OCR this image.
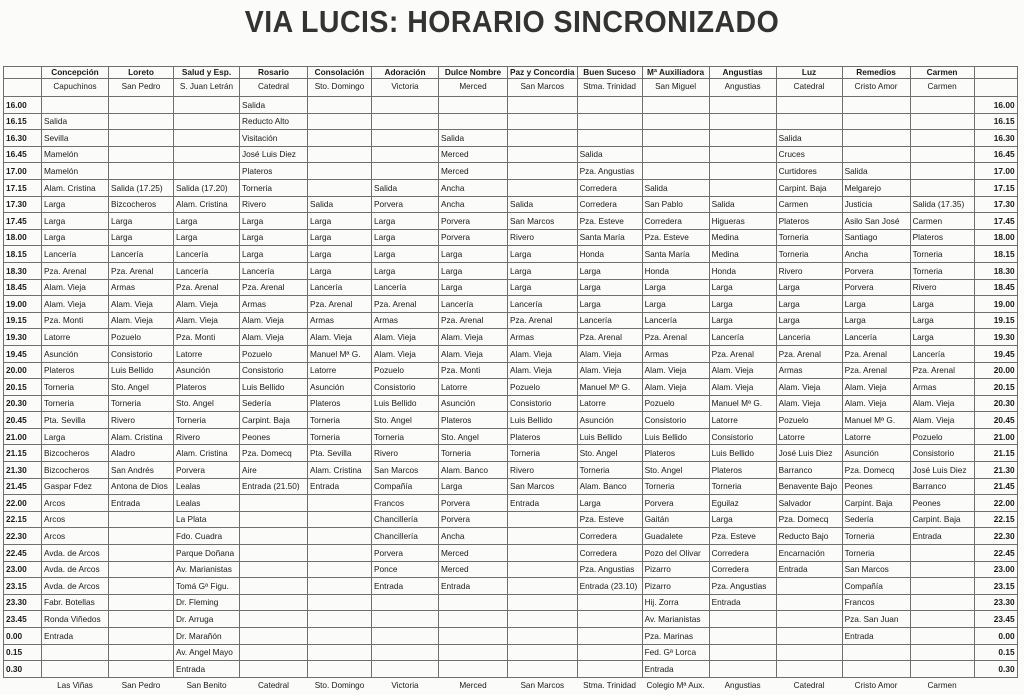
VIA LUCIS: HORARIO SINCRONIZADO
	Concepción	Loreto	Salud y Esp.	Rosario	Consolación	Adoración	Dulce Nombre	Paz y Concordia	Buen Suceso	Mª Auxiliadora	Angustias	Luz	Remedios	Carmen	
	Capuchinos	San Pedro	S. Juan Letrán	Catedral	Sto. Domingo	Victoria	Merced	San Marcos	Stma. Trinidad	San Miguel	Angustias	Catedral	Cristo Amor	Carmen	
16.00				Salida											16.00
16.15	Salida			Reducto Alto											16.15
16.30	Sevilla			Visitación			Salida					Salida			16.30
16.45	Mamelón			José Luis Diez			Merced		Salida			Cruces			16.45
17.00	Mamelón			Plateros			Merced		Pza. Angustias			Curtidores	Salida		17.00
17.15	Alam. Cristina	Salida (17.25)	Salida (17.20)	Torneria		Salida	Ancha		Corredera	Salida		Carpint. Baja	Melgarejo		17.15
17.30	Larga	Bizcocheros	Alam. Cristina	Rivero	Salida	Porvera	Ancha	Salida	Corredera	San Pablo	Salida	Carmen	Justicia	Salida (17.35)	17.30
17.45	Larga	Larga	Larga	Larga	Larga	Larga	Porvera	San Marcos	Pza. Esteve	Corredera	Higueras	Plateros	Asilo San José	Carmen	17.45
18.00	Larga	Larga	Larga	Larga	Larga	Larga	Porvera	Rivero	Santa María	Pza. Esteve	Medina	Torneria	Santiago	Plateros	18.00
18.15	Lancería	Lancería	Lancería	Larga	Larga	Larga	Larga	Larga	Honda	Santa María	Medina	Torneria	Ancha	Torneria	18.15
18.30	Pza. Arenal	Pza. Arenal	Lancería	Lancería	Larga	Larga	Larga	Larga	Larga	Honda	Honda	Rivero	Porvera	Torneria	18.30
18.45	Alam. Vieja	Armas	Pza. Arenal	Pza. Arenal	Lancería	Lancería	Larga	Larga	Larga	Larga	Larga	Larga	Porvera	Rivero	18.45
19.00	Alam. Vieja	Alam. Vieja	Alam. Vieja	Armas	Pza. Arenal	Pza. Arenal	Lancería	Lancería	Larga	Larga	Larga	Larga	Larga	Larga	19.00
19.15	Pza. Monti	Alam. Vieja	Alam. Vieja	Alam. Vieja	Armas	Armas	Pza. Arenal	Pza. Arenal	Lancería	Lancería	Larga	Larga	Larga	Larga	19.15
19.30	Latorre	Pozuelo	Pza. Monti	Alam. Vieja	Alam. Vieja	Alam. Vieja	Alam. Vieja	Armas	Pza. Arenal	Pza. Arenal	Lancería	Lanceria	Lancería	Larga	19.30
19.45	Asunción	Consistorio	Latorre	Pozuelo	Manuel Mª G.	Alam. Vieja	Alam. Vieja	Alam. Vieja	Alam. Vieja	Armas	Pza. Arenal	Pza. Arenal	Pza. Arenal	Lancería	19.45
20.00	Plateros	Luis Bellido	Asunción	Consistorio	Latorre	Pozuelo	Pza. Monti	Alam. Vieja	Alam. Vieja	Alam. Vieja	Alam. Vieja	Armas	Pza. Arenal	Pza. Arenal	20.00
20.15	Torneria	Sto. Angel	Plateros	Luis Bellido	Asunción	Consistorio	Latorre	Pozuelo	Manuel Mª G.	Alam. Vieja	Alam. Vieja	Alam. Vieja	Alam. Vieja	Armas	20.15
20.30	Torneria	Torneria	Sto. Angel	Sedería	Plateros	Luis Bellido	Asunción	Consistorio	Latorre	Pozuelo	Manuel Mª G.	Alam. Vieja	Alam. Vieja	Alam. Vieja	20.30
20.45	Pta. Sevilla	Rivero	Torneria	Carpint. Baja	Torneria	Sto. Angel	Plateros	Luis Bellido	Asunción	Consistorio	Latorre	Pozuelo	Manuel Mª G.	Alam. Vieja	20.45
21.00	Larga	Alam. Cristina	Rivero	Peones	Torneria	Torneria	Sto. Angel	Plateros	Luis Bellido	Luis Bellido	Consistorio	Latorre	Latorre	Pozuelo	21.00
21.15	Bizcocheros	Aladro	Alam. Cristina	Pza. Domecq	Pta. Sevilla	Rivero	Torneria	Torneria	Sto. Angel	Plateros	Luis Bellido	José Luis Diez	Asunción	Consistorio	21.15
21.30	Bizcocheros	San Andrés	Porvera	Aire	Alam. Cristina	San Marcos	Alam. Banco	Rivero	Torneria	Sto. Angel	Plateros	Barranco	Pza. Domecq	José Luis Diez	21.30
21.45	Gaspar Fdez	Antona de Dios	Lealas	Entrada (21.50)	Entrada	Compañía	Larga	San Marcos	Alam. Banco	Torneria	Torneria	Benavente Bajo	Peones	Barranco	21.45
22.00	Arcos	Entrada	Lealas			Francos	Porvera	Entrada	Larga	Porvera	Eguilaz	Salvador	Carpint. Baja	Peones	22.00
22.15	Arcos		La Plata			Chancillería	Porvera		Pza. Esteve	Gaitán	Larga	Pza. Domecq	Sedería	Carpint. Baja	22.15
22.30	Arcos		Fdo. Cuadra			Chancillería	Ancha		Corredera	Guadalete	Pza. Esteve	Reducto Bajo	Torneria	Entrada	22.30
22.45	Avda. de Arcos		Parque Doñana			Porvera	Merced		Corredera	Pozo del Olivar	Corredera	Encarnación	Torneria		22.45
23.00	Avda. de Arcos		Av. Marianistas			Ponce	Merced		Pza. Angustias	Pizarro	Corredera	Entrada	San Marcos		23.00
23.15	Avda. de Arcos		Tomá Gª Figu.			Entrada	Entrada		Entrada (23.10)	Pizarro	Pza. Angustias		Compañía		23.15
23.30	Fabr. Botellas		Dr. Fleming							Hij. Zorra	Entrada		Francos		23.30
23.45	Ronda Viñedos		Dr. Arruga							Av. Marianistas			Pza. San Juan		23.45
0.00	Entrada		Dr. Marañón							Pza. Marinas			Entrada		0.00
0.15			Av. Angel Mayo							Fed. Gª Lorca					0.15
0.30			Entrada							Entrada					0.30
	Las Viñas	San Pedro	San Benito	Catedral	Sto. Domingo	Victoria	Merced	San Marcos	Stma. Trinidad	Colegio Mª Aux.	Angustias	Catedral	Cristo Amor	Carmen	
